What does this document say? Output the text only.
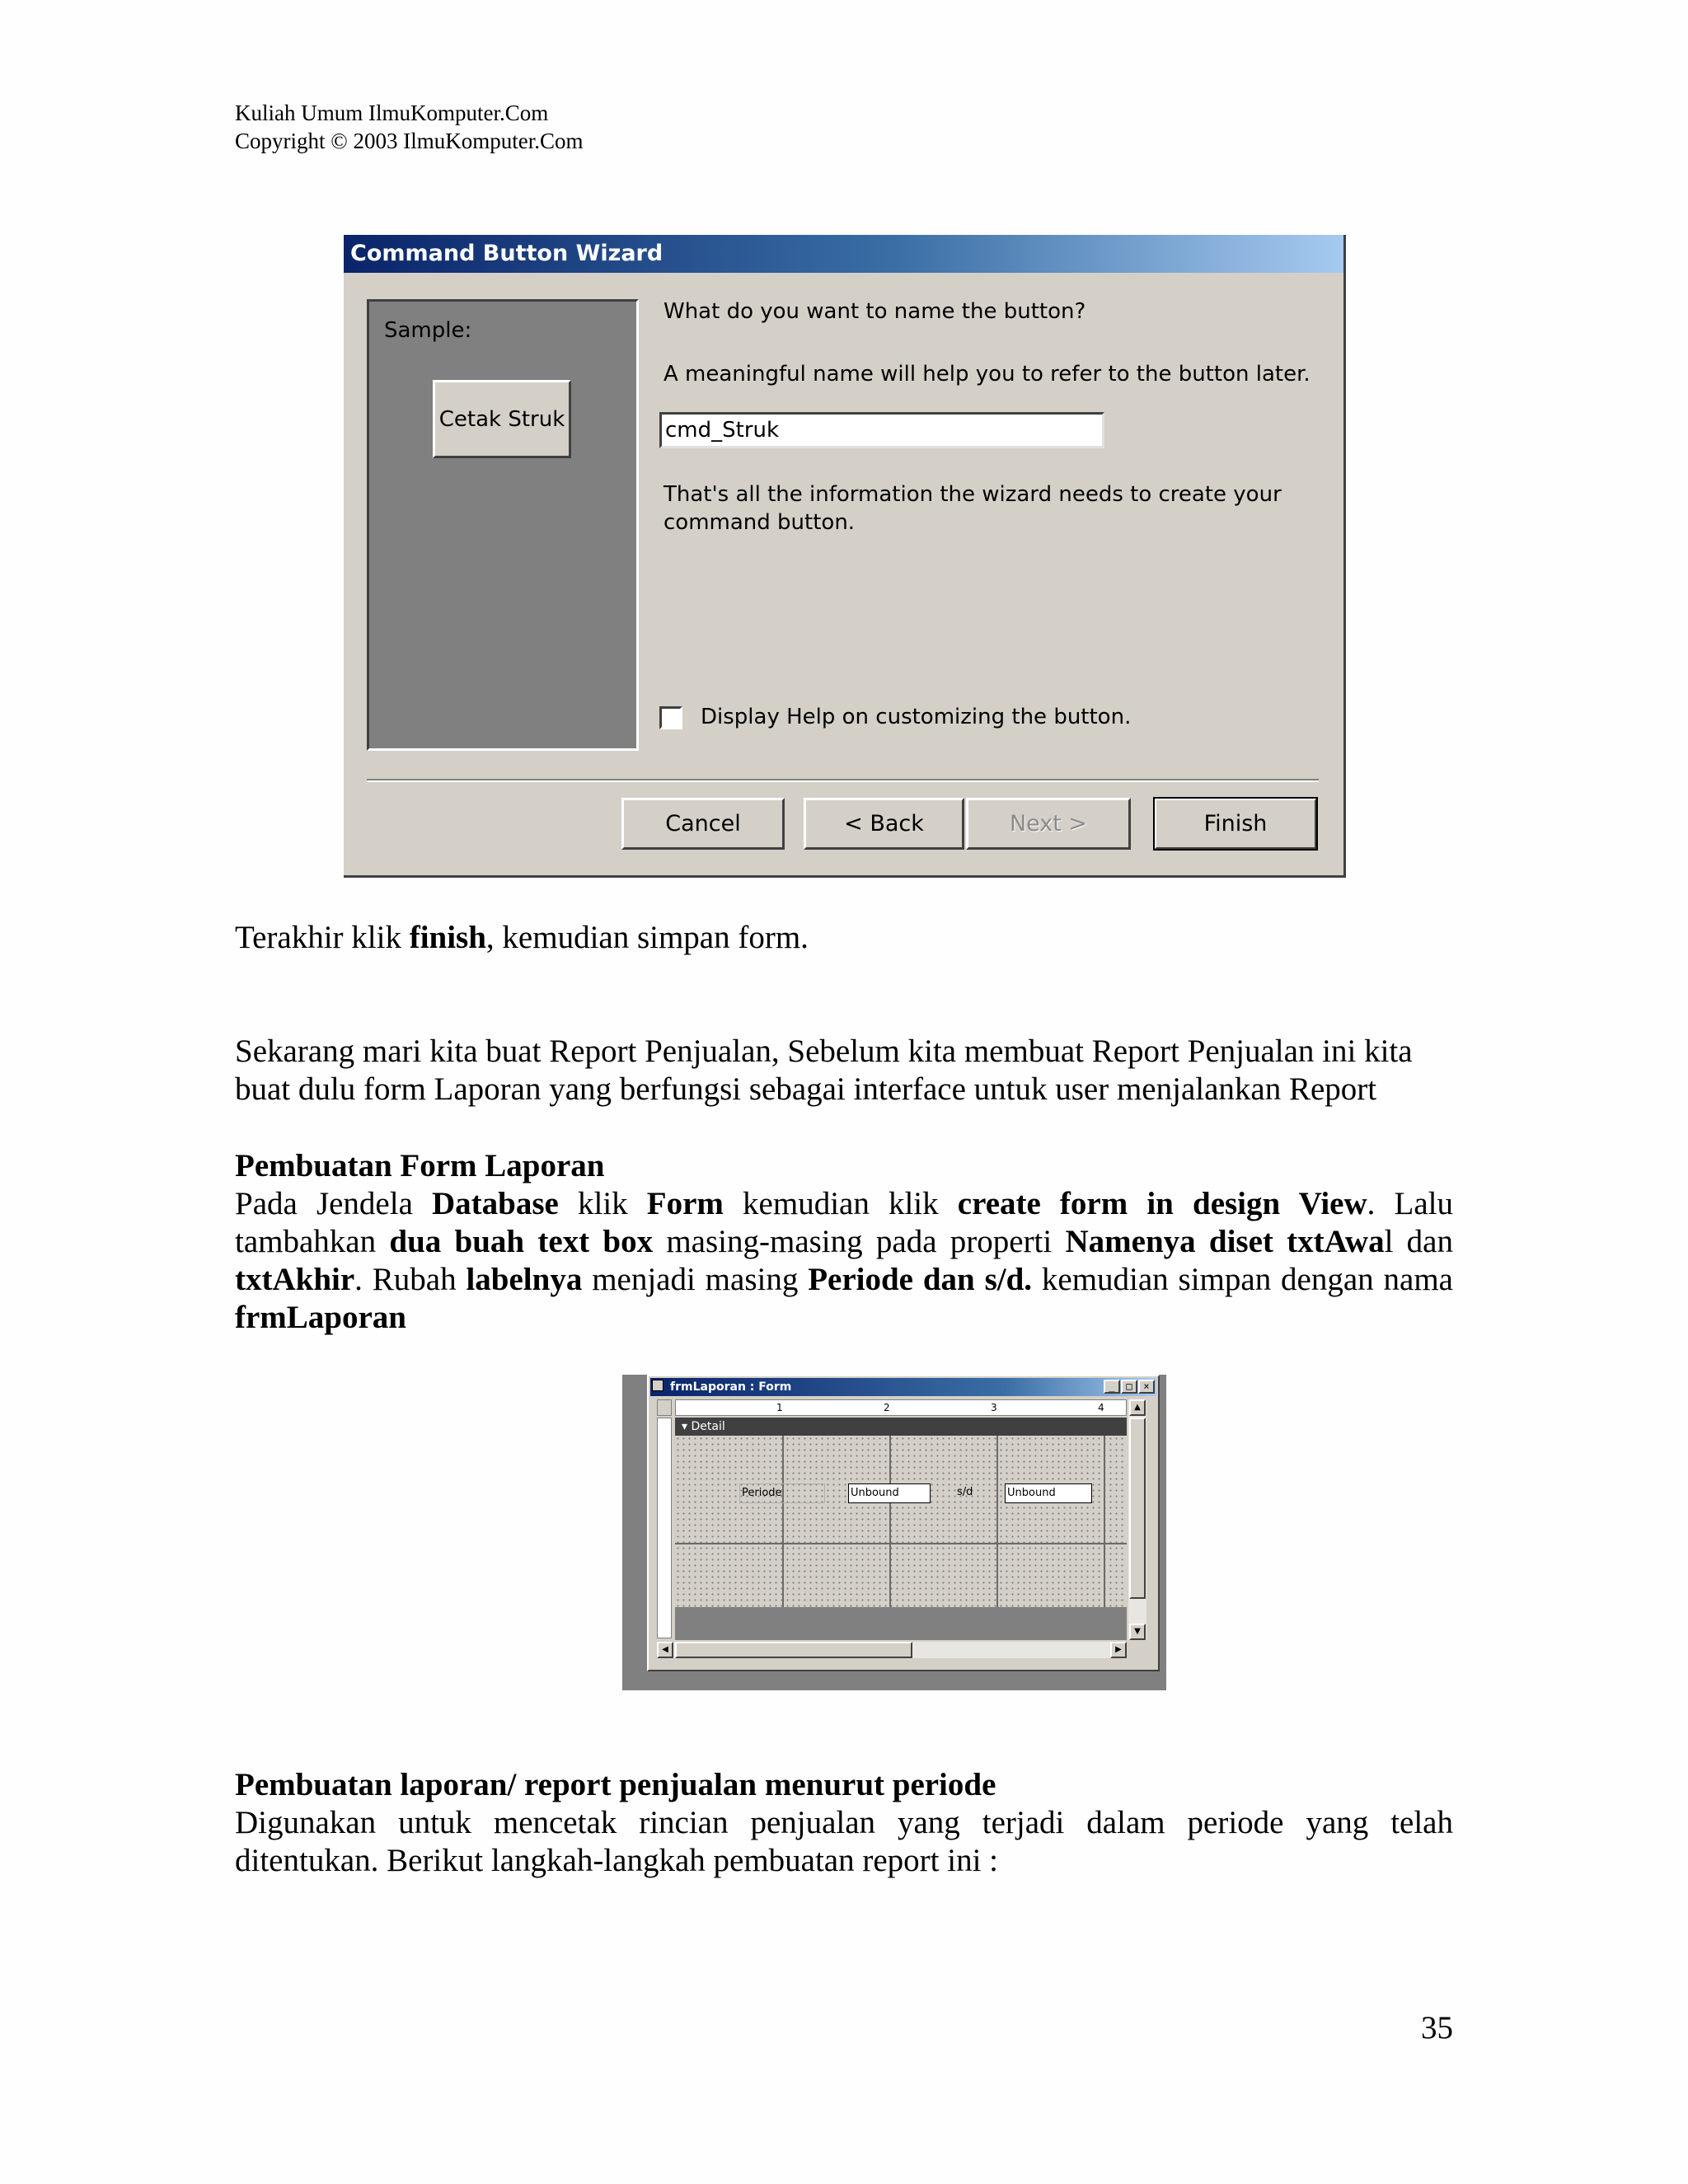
Kuliah Umum IlmuKomputer.Com
Copyright © 2003 IlmuKomputer.Com
Command Button Wizard
Sample:
Cetak Struk
What do you want to name the button?
A meaningful name will help you to refer to the button later.
cmd_Struk
That's all the information the wizard needs to create your
command button.
Display Help on customizing the button.
Cancel	< Back	Next >	Finish
Terakhir klik finish, kemudian simpan form.
Sekarang mari kita buat Report Penjualan, Sebelum kita membuat Report Penjualan ini kita buat dulu form Laporan yang berfungsi sebagai interface untuk user menjalankan Report
Pembuatan Form Laporan
Pada Jendela Database klik Form kemudian klik create form in design View. Lalu tambahkan dua buah text box masing-masing pada properti Namenya diset txtAwal dan txtAkhir. Rubah labelnya menjadi masing Periode dan s/d. kemudian simpan dengan nama frmLaporan
frmLaporan : Form	_	□	×
1	2	3	4
▾ Detail
Periode	Unbound	s/d	Unbound
▲
▼
◀	▶
Pembuatan laporan/ report penjualan menurut periode
Digunakan untuk mencetak rincian penjualan yang terjadi dalam periode yang telah ditentukan. Berikut langkah-langkah pembuatan report ini :
35
